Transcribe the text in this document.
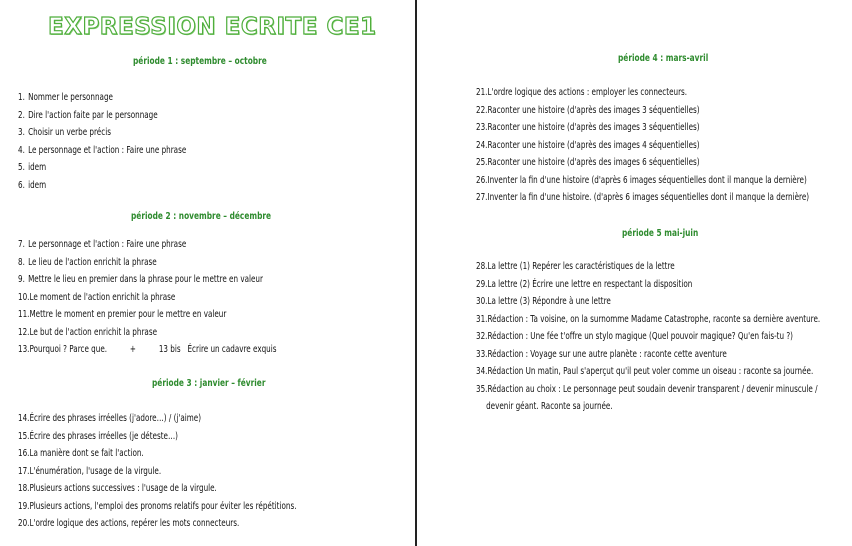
EXPRESSION ECRITE CE1
période 1 : septembre – octobre
1. Nommer le personnage
2. Dire l'action faite par le personnage
3. Choisir un verbe précis
4. Le personnage et l'action : Faire une phrase
5. idem
6. idem
période 2 : novembre – décembre
7. Le personnage et l'action : Faire une phrase
8. Le lieu de l'action enrichit la phrase
9. Mettre le lieu en premier dans la phrase pour le mettre en valeur
10. Le moment de l'action enrichit la phrase
11. Mettre le moment en premier pour le mettre en valeur
12. Le but de l'action enrichit la phrase
13. Pourquoi ? Parce que.          +          13 bis   Écrire un cadavre exquis
période 3 : janvier – février
14. Écrire des phrases irréelles (j'adore…) / (j'aime)
15. Écrire des phrases irréelles (je déteste…)
16. La manière dont se fait l'action.
17. L'énumération, l'usage de la virgule.
18. Plusieurs actions successives : l'usage de la virgule.
19. Plusieurs actions, l'emploi des pronoms relatifs pour éviter les répétitions.
20. L'ordre logique des actions, repérer les mots connecteurs.
période 4 : mars-avril
21. L'ordre logique des actions : employer les connecteurs.
22. Raconter une histoire (d'après des images 3 séquentielles)
23. Raconter une histoire (d'après des images 3 séquentielles)
24. Raconter une histoire (d'après des images 4 séquentielles)
25. Raconter une histoire (d'après des images 6 séquentielles)
26. Inventer la fin d'une histoire (d'après 6 images séquentielles dont il manque la dernière)
27. Inventer la fin d'une histoire. (d'après 6 images séquentielles dont il manque la dernière)
période 5 mai-juin
28. La lettre (1) Repérer les caractéristiques de la lettre
29. La lettre (2) Écrire une lettre en respectant la disposition
30. La lettre (3) Répondre à une lettre
31. Rédaction : Ta voisine, on la surnomme Madame Catastrophe, raconte sa dernière aventure.
32. Rédaction : Une fée t'offre un stylo magique (Quel pouvoir magique? Qu'en fais-tu ?)
33. Rédaction : Voyage sur une autre planète : raconte cette aventure
34. Rédaction Un matin, Paul s'aperçut qu'il peut voler comme un oiseau : raconte sa journée.
35. Rédaction au choix : Le personnage peut soudain devenir transparent / devenir minuscule /
devenir géant. Raconte sa journée.
